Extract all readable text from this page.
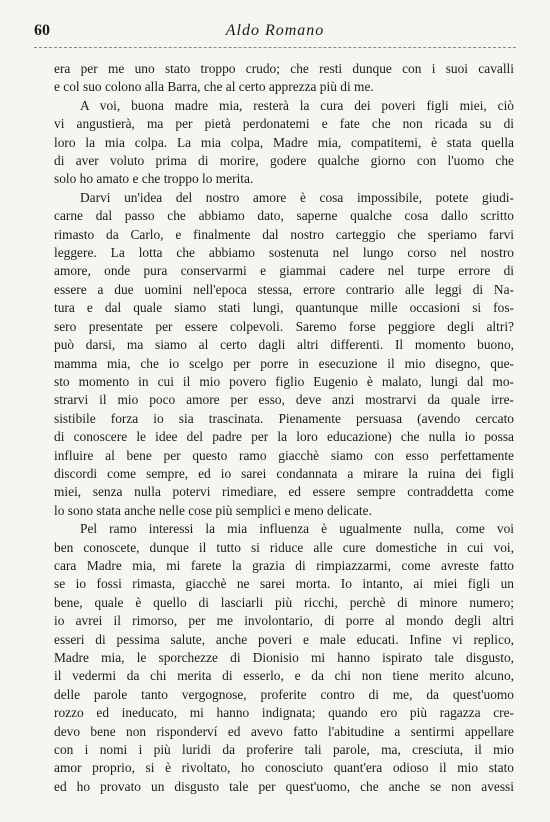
60	Aldo Romano
era per me uno stato troppo crudo; che resti dunque con i suoi cavalli
e col suo colono alla Barra, che al certo apprezza più di me.
A voi, buona madre mia, resterà la cura dei poveri figli miei, ciò
vi angustierà, ma per pietà perdonatemi e fate che non ricada su di
loro la mia colpa. La mia colpa, Madre mia, compatitemi, è stata quella
di aver voluto prima di morire, godere qualche giorno con l'uomo che
solo ho amato e che troppo lo merita.
Darvi un'idea del nostro amore è cosa impossibile, potete giudi-
carne dal passo che abbiamo dato, saperne qualche cosa dallo scritto
rimasto da Carlo, e finalmente dal nostro carteggio che speriamo farvi
leggere. La lotta che abbiamo sostenuta nel lungo corso nel nostro
amore, onde pura conservarmi e giammai cadere nel turpe errore di
essere a due uomini nell'epoca stessa, errore contrario alle leggi di Na-
tura e dal quale siamo stati lungi, quantunque mille occasioni si fos-
sero presentate per essere colpevoli. Saremo forse peggiore degli altri?
può darsi, ma siamo al certo dagli altri differenti. Il momento buono,
mamma mia, che io scelgo per porre in esecuzione il mio disegno, que-
sto momento in cui il mio povero figlio Eugenio è malato, lungi dal mo-
strarvi il mio poco amore per esso, deve anzi mostrarvi da quale irre-
sistibile forza io sia trascinata. Pienamente persuasa (avendo cercato
di conoscere le idee del padre per la loro educazione) che nulla io possa
influire al bene per questo ramo giacchè siamo con esso perfettamente
discordi come sempre, ed io sarei condannata a mirare la ruina dei figli
miei, senza nulla potervi rimediare, ed essere sempre contraddetta come
lo sono stata anche nelle cose più semplici e meno delicate.
Pel ramo interessi la mia influenza è ugualmente nulla, come voi
ben conoscete, dunque il tutto si riduce alle cure domestiche in cui voi,
cara Madre mia, mi farete la grazia di rimpiazzarmi, come avreste fatto
se io fossi rimasta, giacchè ne sarei morta. Io intanto, ai miei figli un
bene, quale è quello di lasciarli più ricchi, perchè di minore numero;
io avrei il rimorso, per me involontario, di porre al mondo degli altri
esseri di pessima salute, anche poveri e male educati. Infine vi replico,
Madre mia, le sporchezze di Dionisio mi hanno ispirato tale disgusto,
il vedermi da chi merita di esserlo, e da chi non tiene merito alcuno,
delle parole tanto vergognose, proferite contro di me, da quest'uomo
rozzo ed ineducato, mi hanno indignata; quando ero più ragazza cre-
devo bene non risponderví ed avevo fatto l'abitudine a sentirmi appellare
con i nomi i più luridi da proferire tali parole, ma, cresciuta, il mio
amor proprio, si è rivoltato, ho conosciuto quant'era odioso il mio stato
ed ho provato un disgusto tale per quest'uomo, che anche se non avessi
